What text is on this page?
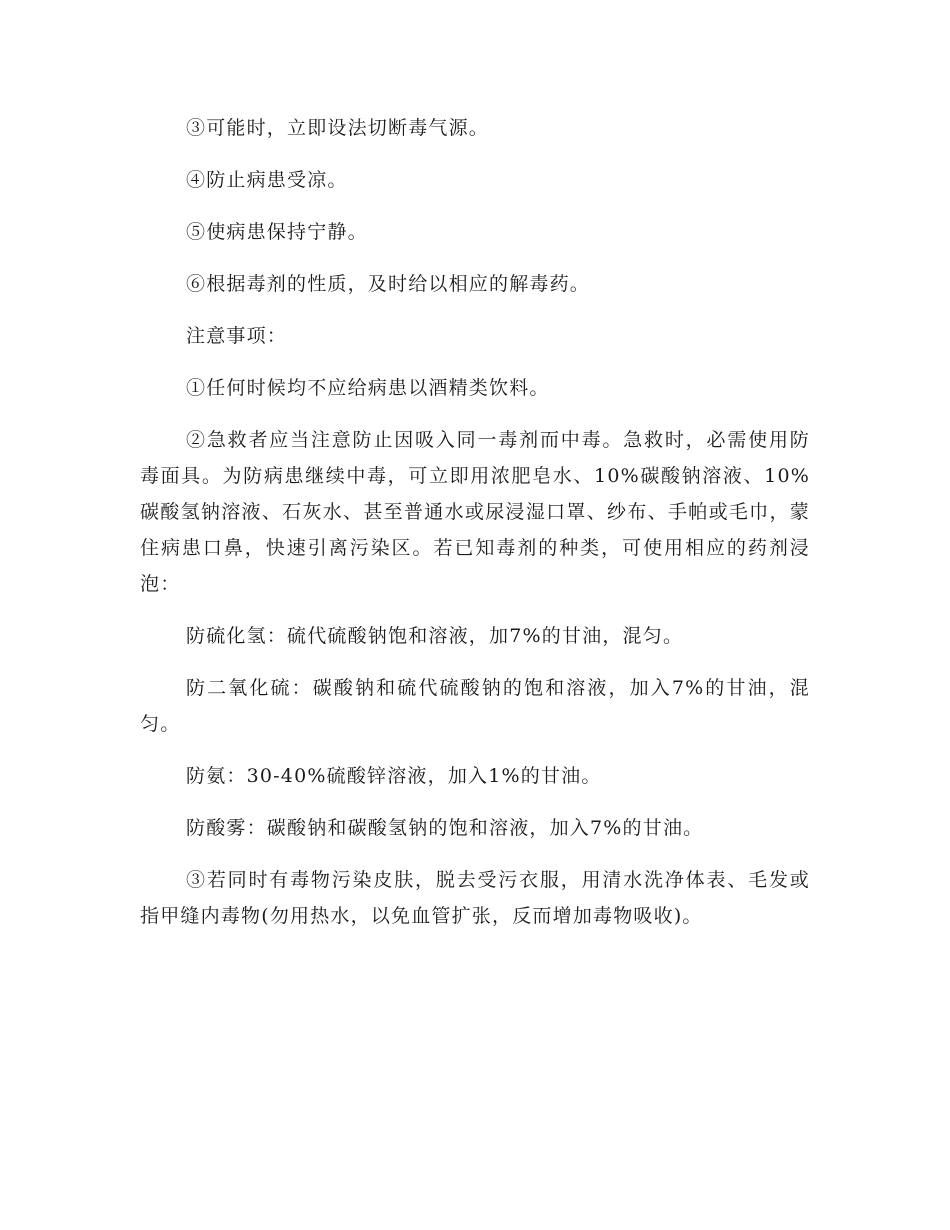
③可能时，立即设法切断毒气源。

④防止病患受凉。

⑤使病患保持宁静。

⑥根据毒剂的性质，及时给以相应的解毒药。

注意事项：

①任何时候均不应给病患以酒精类饮料。

②急救者应当注意防止因吸入同一毒剂而中毒。急救时，必需使用防毒面具。为防病患继续中毒，可立即用浓肥皂水、10%碳酸钠溶液、10%碳酸氢钠溶液、石灰水、甚至普通水或尿浸湿口罩、纱布、手帕或毛巾，蒙住病患口鼻，快速引离污染区。若已知毒剂的种类，可使用相应的药剂浸泡：

防硫化氢：硫代硫酸钠饱和溶液，加7%的甘油，混匀。

防二氧化硫：碳酸钠和硫代硫酸钠的饱和溶液，加入7%的甘油，混匀。

防氨：30-40%硫酸锌溶液，加入1%的甘油。

防酸雾：碳酸钠和碳酸氢钠的饱和溶液，加入7%的甘油。

③若同时有毒物污染皮肤，脱去受污衣服，用清水洗净体表、毛发或指甲缝内毒物(勿用热水，以免血管扩张，反而增加毒物吸收)。
